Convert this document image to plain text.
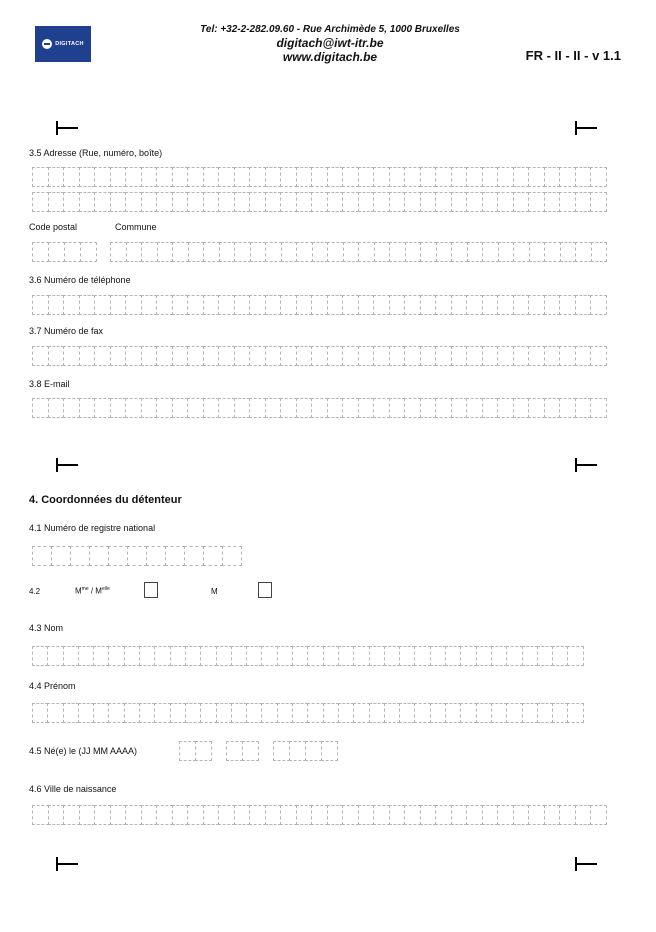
DIGITACH
Tel: +32-2-282.09.60 - Rue Archimède 5, 1000 Bruxelles
digitach@iwt-itr.be
www.digitach.be	FR - II - II - v 1.1
3.5 Adresse (Rue, numéro, boîte)
Code postal	Commune
3.6 Numéro de téléphone
3.7 Numéro de fax
3.8 E-mail
4. Coordonnées du détenteur
4.1 Numéro de registre national
4.2	$M^{me} / M^{elle}$	M
4.3 Nom
4.4 Prénom
4.5 Né(e) le (JJ MM AAAA)
4.6 Ville de naissance
